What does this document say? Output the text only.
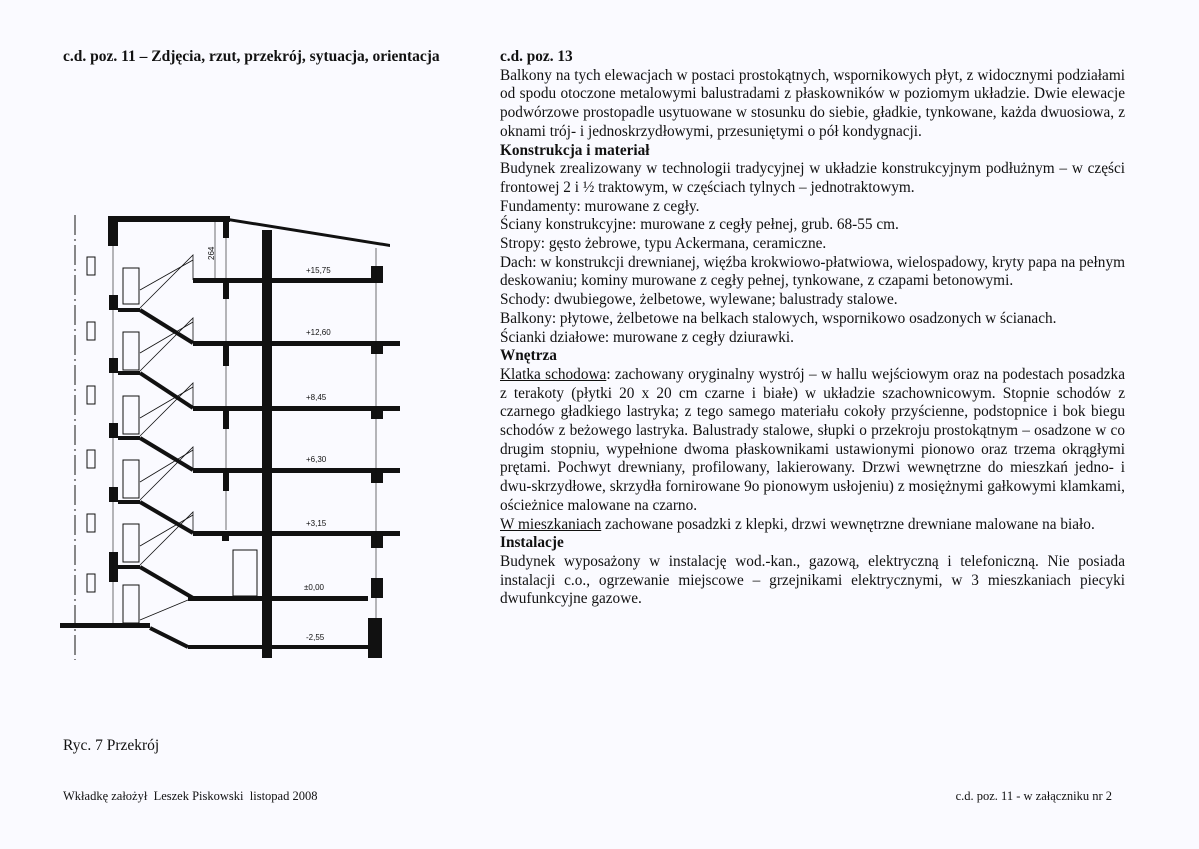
c.d. poz. 11 – Zdjęcia, rzut, przekrój, sytuacja, orientacja
264
+15,75
+12,60
+8,45
+6,30
+3,15
±0,00
-2,55
Ryc. 7 Przekrój

c.d. poz. 13

Balkony na tych elewacjach w postaci prostokątnych, wspornikowych płyt, z widocznymi podziałami od spodu otoczone metalowymi balustradami z płaskowników w poziomym układzie. Dwie elewacje podwórzowe prostopadle usytuowane w stosunku do siebie, gładkie, tynkowane, każda dwuosiowa, z oknami trój- i jednoskrzydłowymi, przesuniętymi o pół kondygnacji.

Konstrukcja i materiał

Budynek zrealizowany w technologii tradycyjnej w układzie konstrukcyjnym podłużnym – w części frontowej 2 i ½ traktowym, w częściach tylnych – jednotraktowym.

Fundamenty: murowane z cegły.

Ściany konstrukcyjne: murowane z cegły pełnej, grub. 68-55 cm.

Stropy: gęsto żebrowe, typu Ackermana, ceramiczne.

Dach: w konstrukcji drewnianej, więźba krokwiowo-płatwiowa, wielospadowy, kryty papa na pełnym deskowaniu; kominy murowane z cegły pełnej, tynkowane, z czapami betonowymi.

Schody: dwubiegowe, żelbetowe, wylewane; balustrady stalowe.

Balkony: płytowe, żelbetowe na belkach stalowych, wspornikowo osadzonych w ścianach.

Ścianki działowe: murowane z cegły dziurawki.

Wnętrza

Klatka schodowa: zachowany oryginalny wystrój – w hallu wejściowym oraz na podestach posadzka z terakoty (płytki 20 x 20 cm czarne i białe) w układzie szachownicowym. Stopnie schodów z czarnego gładkiego lastryka; z tego samego materiału cokoły przyścienne, podstopnice i bok biegu schodów z beżowego lastryka. Balustrady stalowe, słupki o przekroju prostokątnym – osadzone w co drugim stopniu, wypełnione dwoma płaskownikami ustawionymi pionowo oraz trzema okrągłymi prętami. Pochwyt drewniany, profilowany, lakierowany. Drzwi wewnętrzne do mieszkań jedno- i dwu-skrzydłowe, skrzydła fornirowane 9o pionowym usłojeniu) z mosiężnymi gałkowymi klamkami, ościeżnice malowane na czarno.

W mieszkaniach zachowane posadzki z klepki, drzwi wewnętrzne drewniane malowane na biało.

Instalacje

Budynek wyposażony w instalację wod.-kan., gazową, elektryczną i telefoniczną. Nie posiada instalacji c.o., ogrzewanie miejscowe – grzejnikami elektrycznymi, w 3 mieszkaniach piecyki dwufunkcyjne gazowe.

Wkładkę założył  Leszek Piskowski  listopad 2008	c.d. poz. 11 - w załączniku nr 2
